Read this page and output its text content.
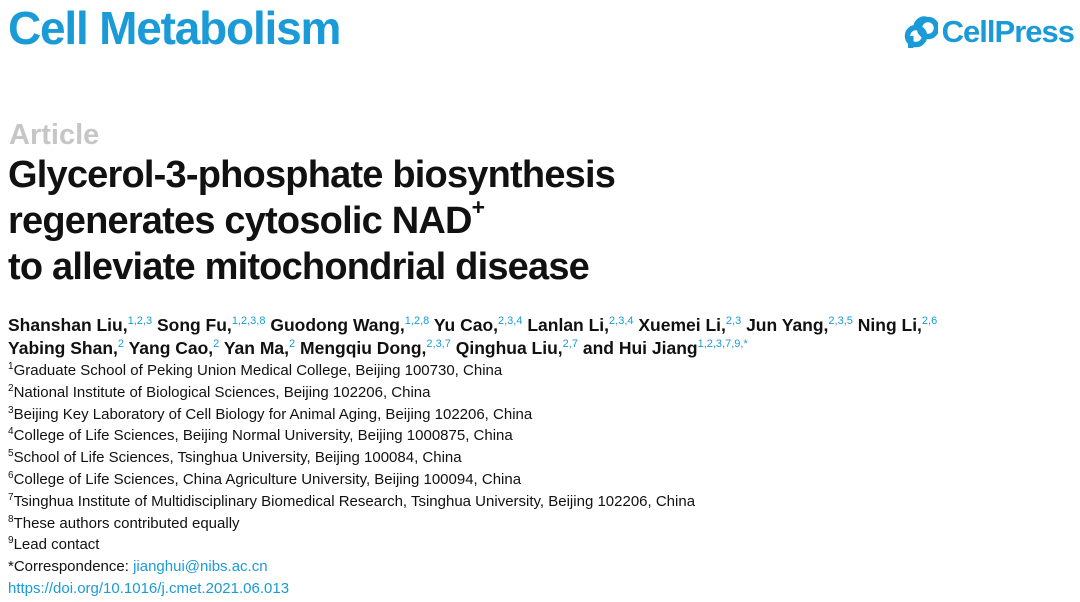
Cell Metabolism	CellPress
Article
Glycerol-3-phosphate biosynthesis
regenerates cytosolic NAD+
to alleviate mitochondrial disease
Shanshan Liu,$^{1,2,3}$ Song Fu,$^{1,2,3,8}$ Guodong Wang,$^{1,2,8}$ Yu Cao,$^{2,3,4}$ Lanlan Li,$^{2,3,4}$ Xuemei Li,$^{2,3}$ Jun Yang,$^{2,3,5}$ Ning Li,$^{2,6}$
Yabing Shan,$^2$ Yang Cao,$^2$ Yan Ma,$^2$ Mengqiu Dong,$^{2,3,7}$ Qinghua Liu,$^{2,7}$ and Hui Jiang$^{1,2,3,7,9,*}$
$^1$Graduate School of Peking Union Medical College, Beijing 100730, China
$^2$National Institute of Biological Sciences, Beijing 102206, China
$^3$Beijing Key Laboratory of Cell Biology for Animal Aging, Beijing 102206, China
$^4$College of Life Sciences, Beijing Normal University, Beijing 1000875, China
$^5$School of Life Sciences, Tsinghua University, Beijing 100084, China
$^6$College of Life Sciences, China Agriculture University, Beijing 100094, China
$^7$Tsinghua Institute of Multidisciplinary Biomedical Research, Tsinghua University, Beijing 102206, China
$^8$These authors contributed equally
$^9$Lead contact
*Correspondence: jianghui@nibs.ac.cn
https://doi.org/10.1016/j.cmet.2021.06.013
